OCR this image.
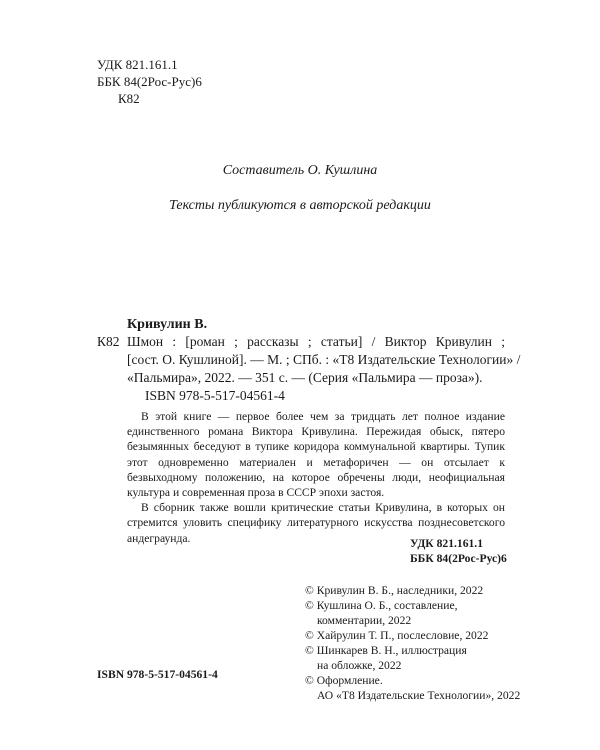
УДК 821.161.1
ББК 84(2Рос-Рус)6
К82
Составитель О. Кушлина
Тексты публикуются в авторской редакции
Кривулин В.
К82 Шмон : [роман ; рассказы ; статьи] / Виктор Кривулин ;
[сост. О. Кушлиной]. — М. ; СПб. : «Т8 Издательские Технологии» /
«Пальмира», 2022. — 351 с. — (Серия «Пальмира — проза»).
ISBN 978-5-517-04561-4

В этой книге — первое более чем за тридцать лет полное издание единственного романа Виктора Кривулина. Пережидая обыск, пятеро безымянных беседуют в тупике коридора коммунальной квартиры. Тупик этот одновременно материален и метафоричен — он отсылает к безвыходному положению, на которое обречены люди, неофициальная культура и современная проза в СССР эпохи застоя.

В сборник также вошли критические статьи Кривулина, в которых он стремится уловить специфику литературного искусства позднесоветского андеграунда.	УДК 821.161.1
ББК 84(2Рос-Рус)6
ISBN 978-5-517-04561-4
© Кривулин В. Б., наследники, 2022
© Кушлина О. Б., составление,
комментарии, 2022
© Хайрулин Т. П., послесловие, 2022
© Шинкарев В. Н., иллюстрация
на обложке, 2022
© Оформление.
АО «Т8 Издательские Технологии», 2022
